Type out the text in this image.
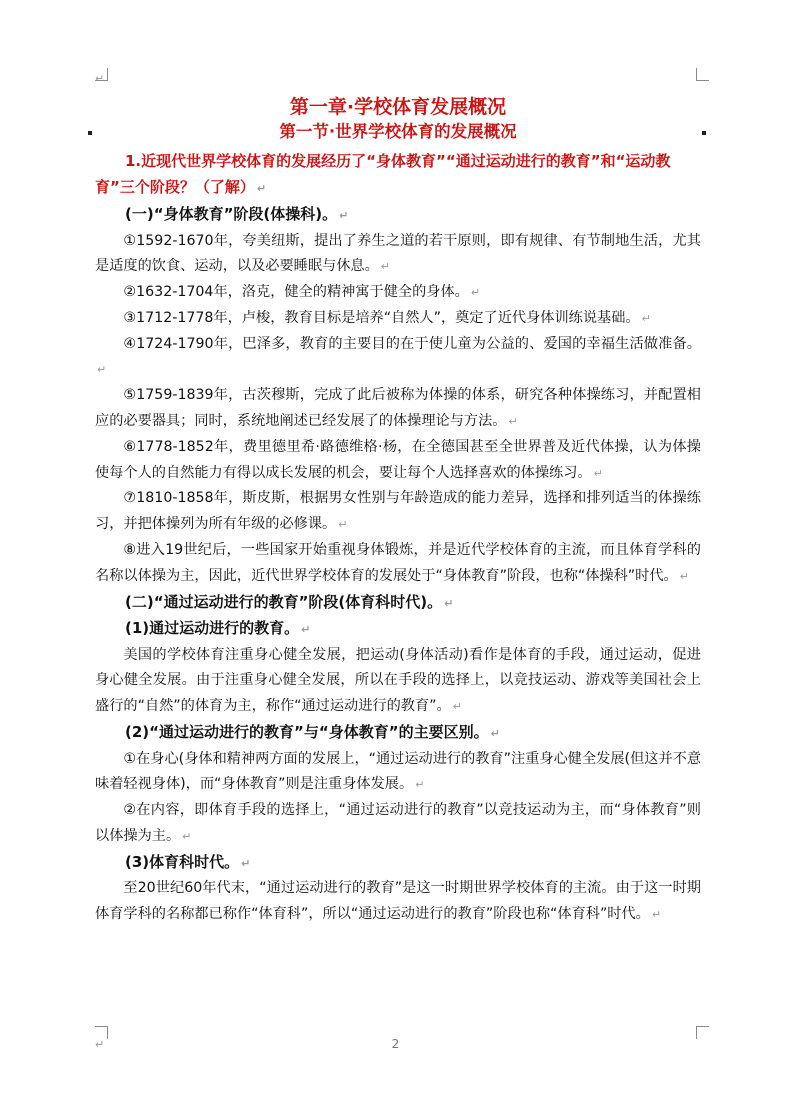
↵
↵
第一章·学校体育发展概况
第一节·世界学校体育的发展概况

1.近现代世界学校体育的发展经历了“身体教育”“通过运动进行的教育”和“运动教育”三个阶段？（了解） ↵

(一)“身体教育”阶段(体操科)。 ↵

①1592-1670年，夸美纽斯，提出了养生之道的若干原则，即有规律、有节制地生活，尤其是适度的饮食、运动，以及必要睡眠与休息。 ↵

②1632-1704年，洛克，健全的精神寓于健全的身体。 ↵

③1712-1778年，卢梭，教育目标是培养“自然人”，奠定了近代身体训练说基础。 ↵

④1724-1790年，巴泽多，教育的主要目的在于使儿童为公益的、爱国的幸福生活做准备。↵

⑤1759-1839年，古茨穆斯，完成了此后被称为体操的体系，研究各种体操练习，并配置相应的必要器具；同时，系统地阐述已经发展了的体操理论与方法。 ↵

⑥1778-1852年，费里德里希·路德维格·杨，在全德国甚至全世界普及近代体操，认为体操使每个人的自然能力有得以成长发展的机会，要让每个人选择喜欢的体操练习。 ↵

⑦1810-1858年，斯皮斯，根据男女性别与年龄造成的能力差异，选择和排列适当的体操练习，并把体操列为所有年级的必修课。 ↵

⑧进入19世纪后，一些国家开始重视身体锻炼，并是近代学校体育的主流，而且体育学科的名称以体操为主，因此，近代世界学校体育的发展处于“身体教育”阶段，也称“体操科”时代。 ↵

(二)“通过运动进行的教育”阶段(体育科时代)。 ↵

(1)通过运动进行的教育。 ↵

美国的学校体育注重身心健全发展，把运动(身体活动)看作是体育的手段，通过运动，促进身心健全发展。由于注重身心健全发展，所以在手段的选择上，以竞技运动、游戏等美国社会上盛行的“自然”的体育为主，称作“通过运动进行的教育”。 ↵

(2)“通过运动进行的教育”与“身体教育”的主要区别。 ↵

①在身心(身体和精神两方面的发展上，“通过运动进行的教育”注重身心健全发展(但这并不意味着轻视身体)，而“身体教育”则是注重身体发展。 ↵

②在内容，即体育手段的选择上，“通过运动进行的教育”以竞技运动为主，而“身体教育”则以体操为主。 ↵

(3)体育科时代。 ↵

至20世纪60年代末，“通过运动进行的教育”是这一时期世界学校体育的主流。由于这一时期体育学科的名称都已称作“体育科”，所以“通过运动进行的教育”阶段也称“体育科”时代。 ↵

2
